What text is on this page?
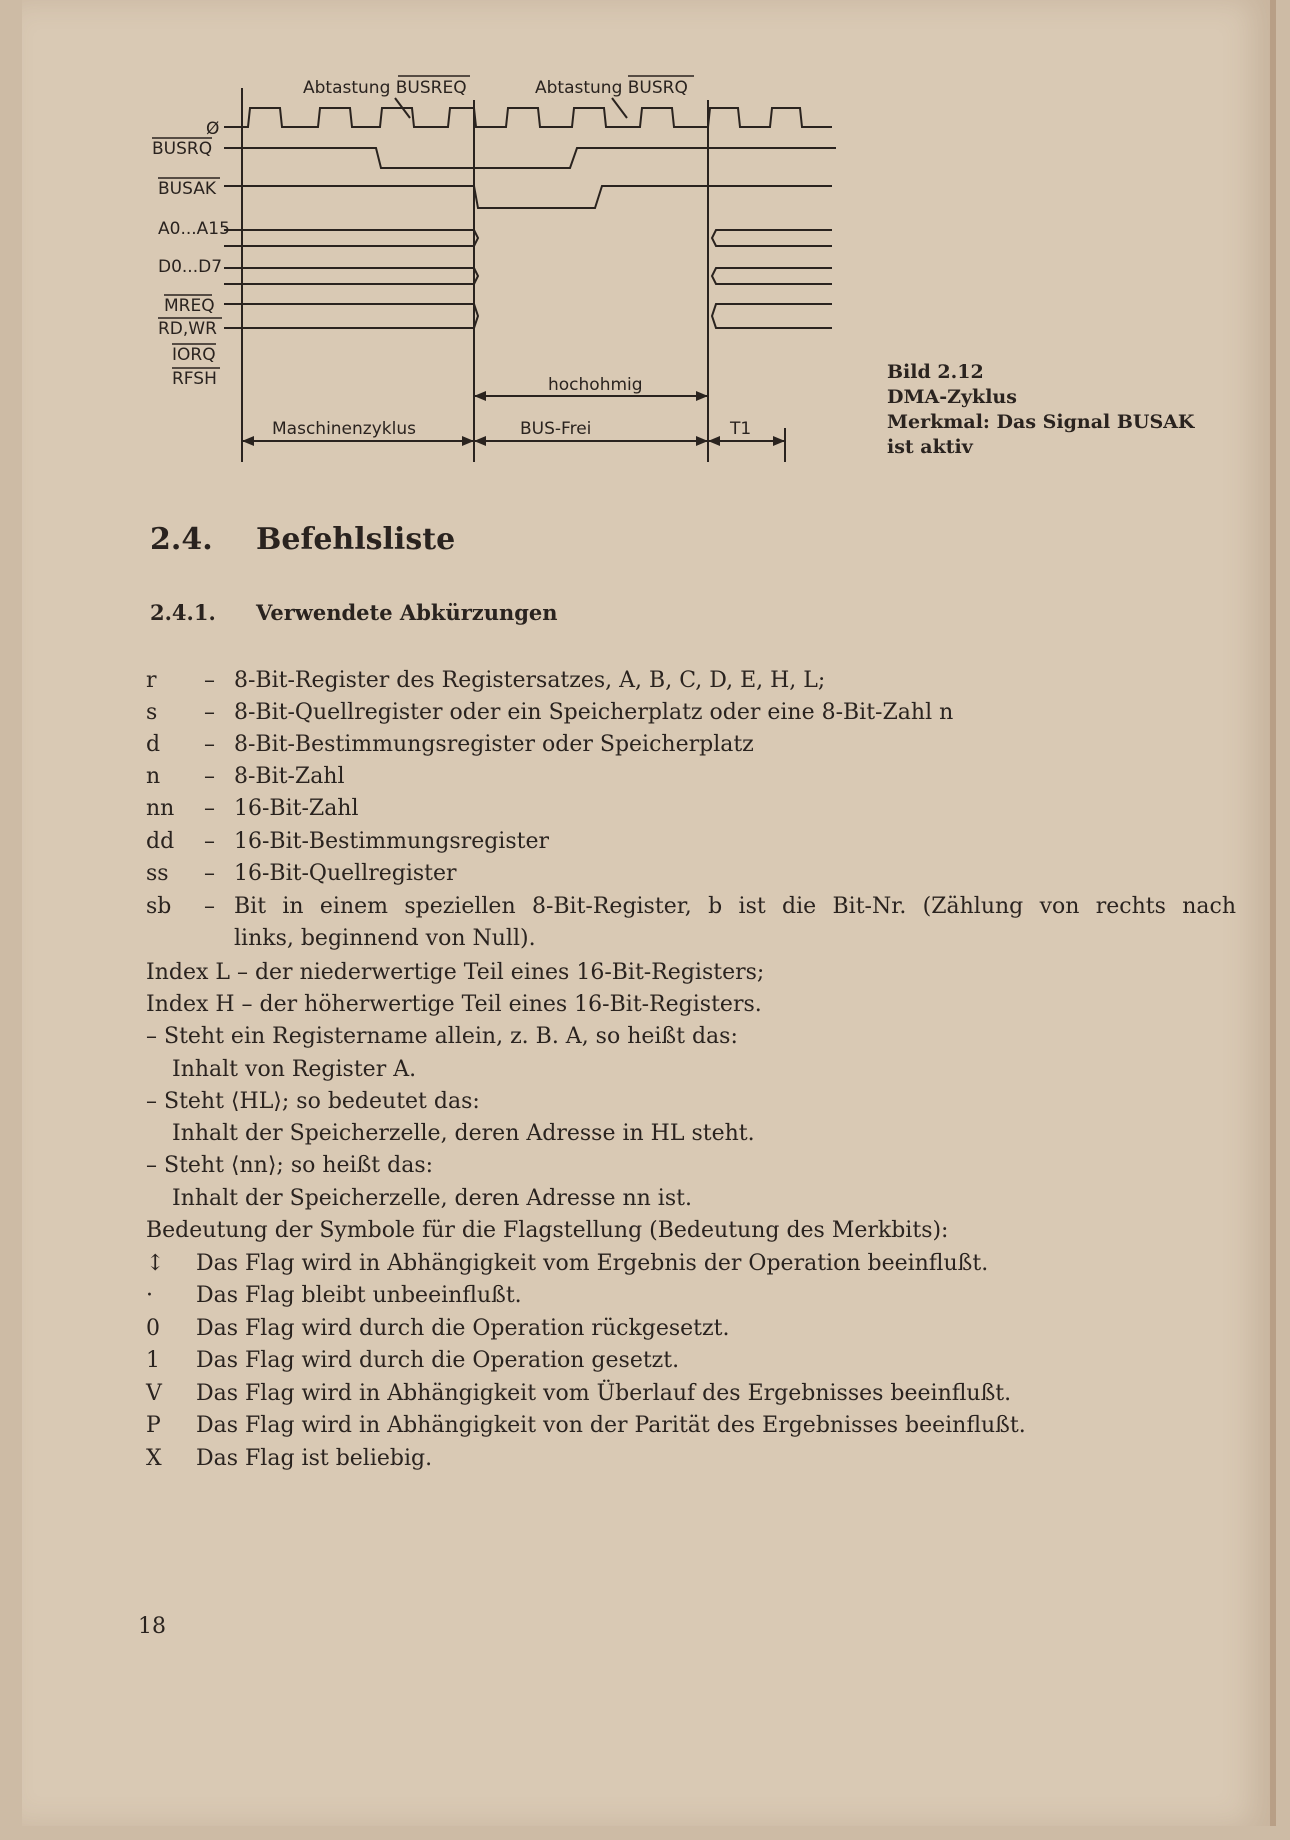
Abtastung BUSREQ	Abtastung BUSRQ
Ø
BUSRQ
BUSAK
A0...A15
D0...D7
MREQ
RD,WR
IORQ
RFSH	hochohmig
Maschinenzyklus	BUS-Frei	T1
Bild 2.12
DMA-Zyklus
Merkmal: Das Signal BUSAK
ist aktiv
2.4. Befehlsliste
2.4.1. Verwendete Abkürzungen
r	– 8-Bit-Register des Registersatzes, A, B, C, D, E, H, L;
s	– 8-Bit-Quellregister oder ein Speicherplatz oder eine 8-Bit-Zahl n
d	– 8-Bit-Bestimmungsregister oder Speicherplatz
n	– 8-Bit-Zahl
nn	– 16-Bit-Zahl
dd	– 16-Bit-Bestimmungsregister
ss	– 16-Bit-Quellregister
sb	– Bit in einem speziellen 8-Bit-Register, b ist die Bit-Nr. (Zählung von rechts nach
links, beginnend von Null).
Index L – der niederwertige Teil eines 16-Bit-Registers;
Index H – der höherwertige Teil eines 16-Bit-Registers.
– Steht ein Registername allein, z. B. A, so heißt das:
Inhalt von Register A.
– Steht ⟨HL⟩; so bedeutet das:
Inhalt der Speicherzelle, deren Adresse in HL steht.
– Steht ⟨nn⟩; so heißt das:
Inhalt der Speicherzelle, deren Adresse nn ist.
Bedeutung der Symbole für die Flagstellung (Bedeutung des Merkbits):
↕	Das Flag wird in Abhängigkeit vom Ergebnis der Operation beeinflußt.
·	Das Flag bleibt unbeeinflußt.
0	Das Flag wird durch die Operation rückgesetzt.
1	Das Flag wird durch die Operation gesetzt.
V	Das Flag wird in Abhängigkeit vom Überlauf des Ergebnisses beeinflußt.
P	Das Flag wird in Abhängigkeit von der Parität des Ergebnisses beeinflußt.
X	Das Flag ist beliebig.
18
